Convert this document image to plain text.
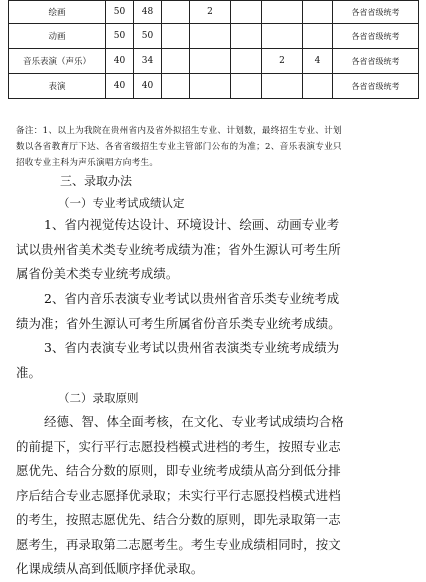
绘画	50	48		2				各省省级统考
动画	50	50						各省省级统考
音乐表演（声乐）	40	34				2	4	各省省级统考
表演	40	40						各省省级统考
备注：1、以上为我院在贵州省内及省外拟招生专业、计划数，最终招生专业、计划
数以各省教育厅下达、各省省级招生专业主管部门公布的为准；2、音乐表演专业只
招收专业主科为声乐演唱方向考生。
三、录取办法
（一）专业考试成绩认定
1、省内视觉传达设计、环境设计、绘画、动画专业考
试以贵州省美术类专业统考成绩为准；省外生源认可考生所
属省份美术类专业统考成绩。
2、省内音乐表演专业考试以贵州省音乐类专业统考成
绩为准；省外生源认可考生所属省份音乐类专业统考成绩。
3、省内表演专业考试以贵州省表演类专业统考成绩为
准。
（二）录取原则
经德、智、体全面考核，在文化、专业考试成绩均合格
的前提下，实行平行志愿投档模式进档的考生，按照专业志
愿优先、结合分数的原则，即专业统考成绩从高分到低分排
序后结合专业志愿择优录取；未实行平行志愿投档模式进档
的考生，按照志愿优先、结合分数的原则，即先录取第一志
愿考生，再录取第二志愿考生。考生专业成绩相同时，按文
化课成绩从高到低顺序择优录取。
